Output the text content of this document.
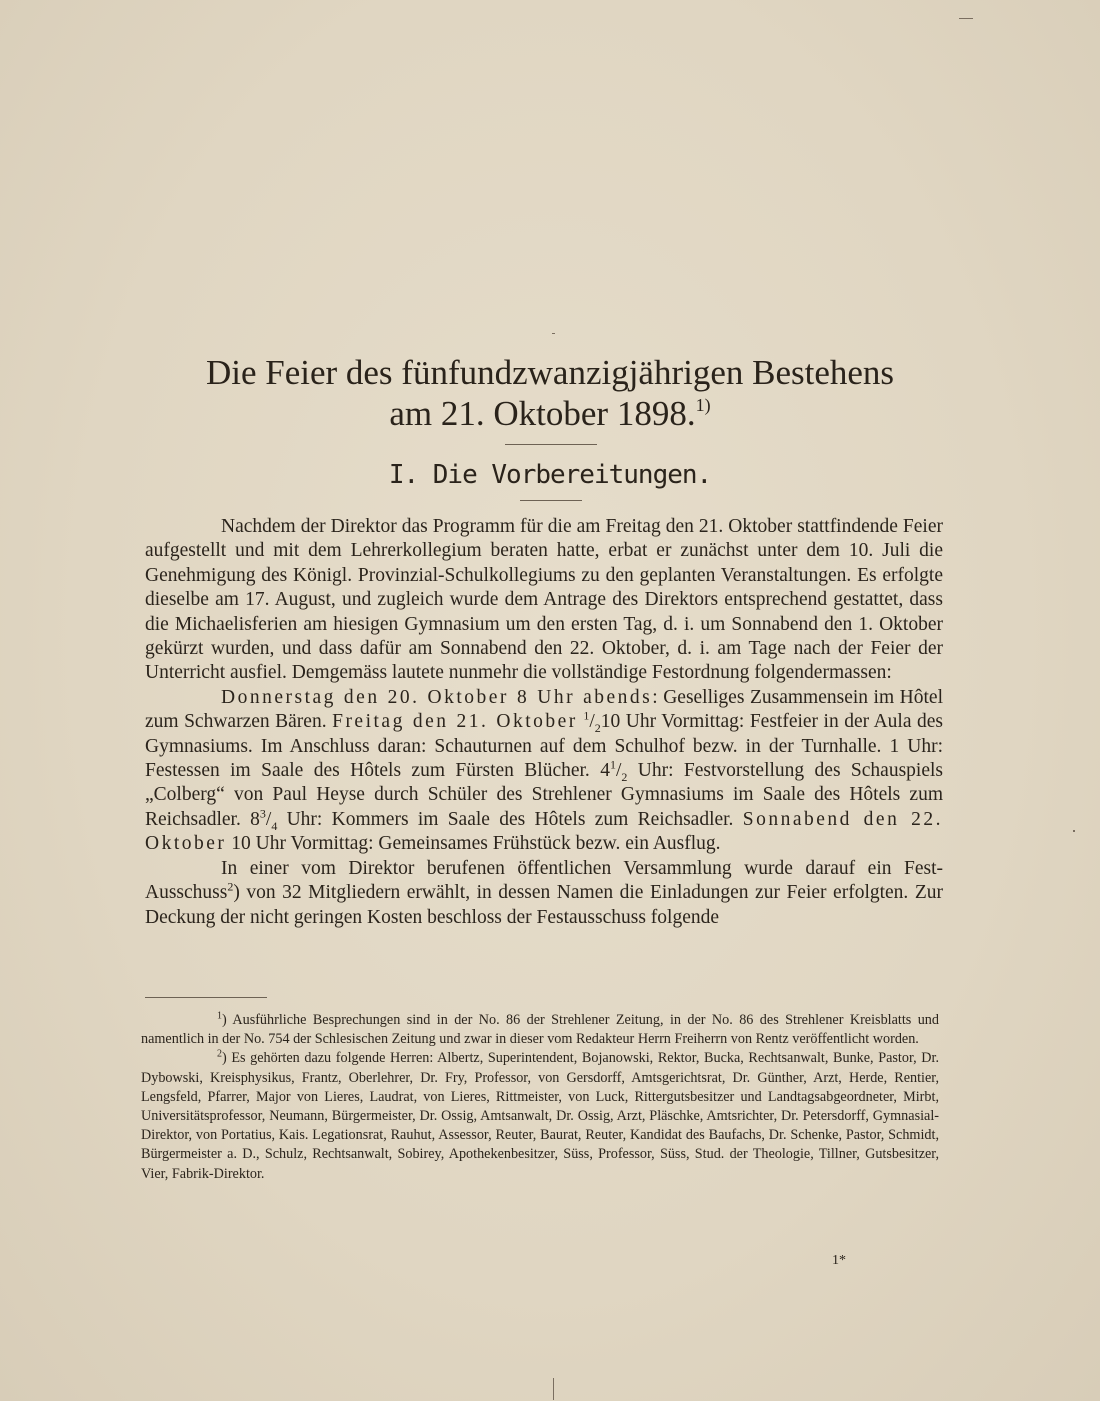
Die Feier des fünfundzwanzigjährigen Bestehens
am 21. Oktober 1898.$^{1)}$
I. Die Vorbereitungen.

Nachdem der Direktor das Programm für die am Freitag den 21. Oktober stattfindende Feier aufgestellt und mit dem Lehrerkollegium beraten hatte, erbat er zunächst unter dem 10. Juli die Genehmigung des Königl. Provinzial-Schulkollegiums zu den geplanten Veranstaltungen. Es erfolgte dieselbe am 17. August, und zugleich wurde dem Antrage des Direktors entsprechend gestattet, dass die Michaelisferien am hiesigen Gymnasium um den ersten Tag, d. i. um Sonnabend den 1. Oktober gekürzt wurden, und dass dafür am Sonnabend den 22. Oktober, d. i. am Tage nach der Feier der Unterricht ausfiel. Demgemäss lautete nunmehr die vollständige Festordnung folgendermassen:

Donnerstag den 20. Oktober 8 Uhr abends: Geselliges Zusammensein im Hôtel zum Schwarzen Bären. Freitag den 21. Oktober $^1/_210$ Uhr Vormittag: Festfeier in der Aula des Gymnasiums. Im Anschluss daran: Schauturnen auf dem Schulhof bezw. in der Turnhalle. 1 Uhr: Festessen im Saale des Hôtels zum Fürsten Blücher. $4^1/_2$ Uhr: Festvorstellung des Schauspiels „Colberg“ von Paul Heyse durch Schüler des Strehlener Gymnasiums im Saale des Hôtels zum Reichsadler. $8^3/_4$ Uhr: Kommers im Saale des Hôtels zum Reichsadler. Sonnabend den 22. Oktober 10 Uhr Vormittag: Gemeinsames Frühstück bezw. ein Ausflug.

In einer vom Direktor berufenen öffentlichen Versammlung wurde darauf ein Fest-Ausschuss$^2$) von 32 Mitgliedern erwählt, in dessen Namen die Einladungen zur Feier erfolgten. Zur Deckung der nicht geringen Kosten beschloss der Festausschuss folgende

$^1$) Ausführliche Besprechungen sind in der No. 86 der Strehlener Zeitung, in der No. 86 des Strehlener Kreisblatts und namentlich in der No. 754 der Schlesischen Zeitung und zwar in dieser vom Redakteur Herrn Freiherrn von Rentz veröffentlicht worden.

$^2$) Es gehörten dazu folgende Herren: Albertz, Superintendent, Bojanowski, Rektor, Bucka, Rechtsanwalt, Bunke, Pastor, Dr. Dybowski, Kreisphysikus, Frantz, Oberlehrer, Dr. Fry, Professor, von Gersdorff, Amtsgerichtsrat, Dr. Günther, Arzt, Herde, Rentier, Lengsfeld, Pfarrer, Major von Lieres, Laudrat, von Lieres, Rittmeister, von Luck, Rittergutsbesitzer und Landtagsabgeordneter, Mirbt, Universitätsprofessor, Neumann, Bürgermeister, Dr. Ossig, Amtsanwalt, Dr. Ossig, Arzt, Pläschke, Amtsrichter, Dr. Petersdorff, Gymnasial-Direktor, von Portatius, Kais. Legationsrat, Rauhut, Assessor, Reuter, Baurat, Reuter, Kandidat des Baufachs, Dr. Schenke, Pastor, Schmidt, Bürgermeister a. D., Schulz, Rechtsanwalt, Sobirey, Apothekenbesitzer, Süss, Professor, Süss, Stud. der Theologie, Tillner, Gutsbesitzer, Vier, Fabrik-Direktor.

1*
